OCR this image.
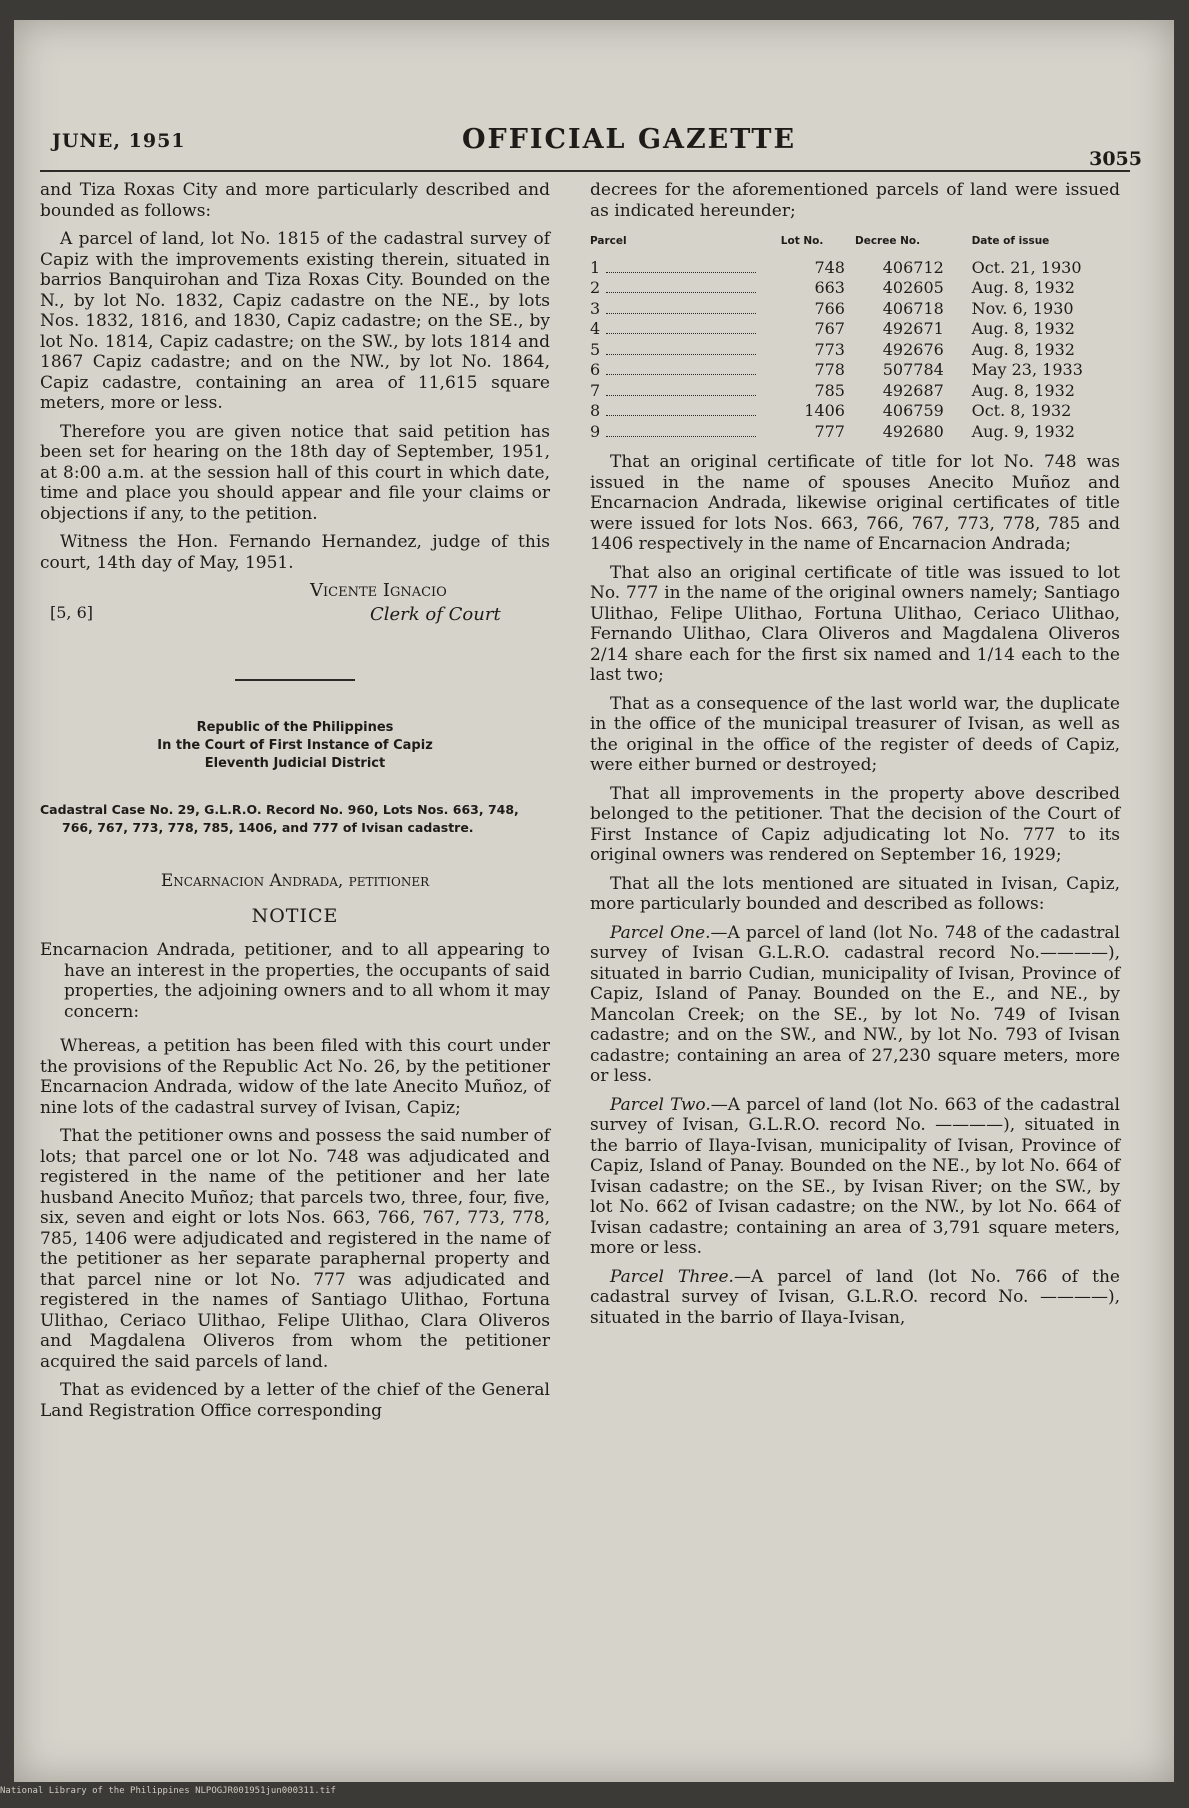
JUNE, 1951	OFFICIAL GAZETTE
3055

and Tiza Roxas City and more particularly described and bounded as follows:

A parcel of land, lot No. 1815 of the cadastral survey of Capiz with the improvements existing therein, situated in barrios Banquirohan and Tiza Roxas City. Bounded on the N., by lot No. 1832, Capiz cadastre on the NE., by lots Nos. 1832, 1816, and 1830, Capiz cadastre; on the SE., by lot No. 1814, Capiz cadastre; on the SW., by lots 1814 and 1867 Capiz cadastre; and on the NW., by lot No. 1864, Capiz cadastre, containing an area of 11,615 square meters, more or less.

Therefore you are given notice that said petition has been set for hearing on the 18th day of September, 1951, at 8:00 a.m. at the session hall of this court in which date, time and place you should appear and file your claims or objections if any, to the petition.

Witness the Hon. Fernando Hernandez, judge of this court, 14th day of May, 1951.

Vicente Ignacio
Clerk of Court
[5, 6]
Republic of the Philippines
In the Court of First Instance of Capiz
Eleventh Judicial District
Cadastral Case No. 29, G.L.R.O. Record No. 960, Lots Nos. 663, 748, 766, 767, 773, 778, 785, 1406, and 777 of Ivisan cadastre.
Encarnacion Andrada, petitioner
NOTICE
Encarnacion Andrada, petitioner, and to all appearing to have an interest in the properties, the occupants of said properties, the adjoining owners and to all whom it may concern:

Whereas, a petition has been filed with this court under the provisions of the Republic Act No. 26, by the petitioner Encarnacion Andrada, widow of the late Anecito Muñoz, of nine lots of the cadastral survey of Ivisan, Capiz;

That the petitioner owns and possess the said number of lots; that parcel one or lot No. 748 was adjudicated and registered in the name of the petitioner and her late husband Anecito Muñoz; that parcels two, three, four, five, six, seven and eight or lots Nos. 663, 766, 767, 773, 778, 785, 1406 were adjudicated and registered in the name of the petitioner as her separate paraphernal property and that parcel nine or lot No. 777 was adjudicated and registered in the names of Santiago Ulithao, Fortuna Ulithao, Ceriaco Ulithao, Felipe Ulithao, Clara Oliveros and Magdalena Oliveros from whom the petitioner acquired the said parcels of land.

That as evidenced by a letter of the chief of the General Land Registration Office corresponding

decrees for the aforementioned parcels of land were issued as indicated hereunder;

Parcel	Lot No.	Decree No.	Date of issue
1	748	406712	Oct. 21, 1930
2	663	402605	Aug. 8, 1932
3	766	406718	Nov. 6, 1930
4	767	492671	Aug. 8, 1932
5	773	492676	Aug. 8, 1932
6	778	507784	May 23, 1933
7	785	492687	Aug. 8, 1932
8	1406	406759	Oct. 8, 1932
9	777	492680	Aug. 9, 1932

That an original certificate of title for lot No. 748 was issued in the name of spouses Anecito Muñoz and Encarnacion Andrada, likewise original certificates of title were issued for lots Nos. 663, 766, 767, 773, 778, 785 and 1406 respectively in the name of Encarnacion Andrada;

That also an original certificate of title was issued to lot No. 777 in the name of the original owners namely; Santiago Ulithao, Felipe Ulithao, Fortuna Ulithao, Ceriaco Ulithao, Fernando Ulithao, Clara Oliveros and Magdalena Oliveros 2/14 share each for the first six named and 1/14 each to the last two;

That as a consequence of the last world war, the duplicate in the office of the municipal treasurer of Ivisan, as well as the original in the office of the register of deeds of Capiz, were either burned or destroyed;

That all improvements in the property above described belonged to the petitioner. That the decision of the Court of First Instance of Capiz adjudicating lot No. 777 to its original owners was rendered on September 16, 1929;

That all the lots mentioned are situated in Ivisan, Capiz, more particularly bounded and described as follows:

Parcel One.—A parcel of land (lot No. 748 of the cadastral survey of Ivisan G.L.R.O. cadastral record No.————), situated in barrio Cudian, municipality of Ivisan, Province of Capiz, Island of Panay. Bounded on the E., and NE., by Mancolan Creek; on the SE., by lot No. 749 of Ivisan cadastre; and on the SW., and NW., by lot No. 793 of Ivisan cadastre; containing an area of 27,230 square meters, more or less.

Parcel Two.—A parcel of land (lot No. 663 of the cadastral survey of Ivisan, G.L.R.O. record No. ————), situated in the barrio of Ilaya-Ivisan, municipality of Ivisan, Province of Capiz, Island of Panay. Bounded on the NE., by lot No. 664 of Ivisan cadastre; on the SE., by Ivisan River; on the SW., by lot No. 662 of Ivisan cadastre; on the NW., by lot No. 664 of Ivisan cadastre; containing an area of 3,791 square meters, more or less.

Parcel Three.—A parcel of land (lot No. 766 of the cadastral survey of Ivisan, G.L.R.O. record No. ————), situated in the barrio of Ilaya-Ivisan,

National Library of the Philippines NLPOGJR001951jun000311.tif
